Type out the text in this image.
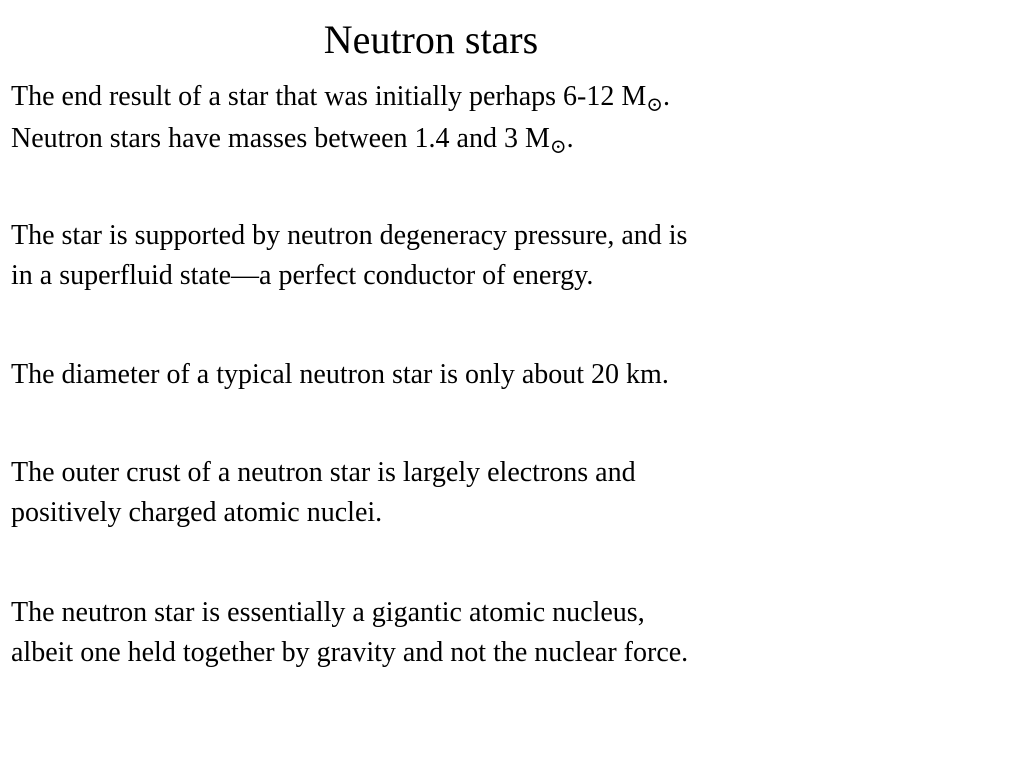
Neutron stars

The end result of a star that was initially perhaps 6-12 $M_⊙$.
Neutron stars have masses between 1.4 and 3 $M_⊙$.

The star is supported by neutron degeneracy pressure, and is
in a superfluid state—a perfect conductor of energy.

The diameter of a typical neutron star is only about 20 km.

The outer crust of a neutron star is largely electrons and
positively charged atomic nuclei.

The neutron star is essentially a gigantic atomic nucleus,
albeit one held together by gravity and not the nuclear force.
